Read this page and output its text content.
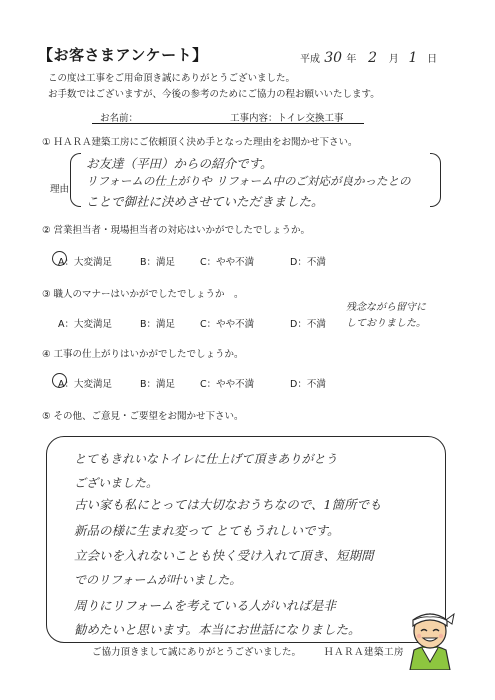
【お客さまアンケート】	平成 30 年 2 月 1 日
この度は工事をご用命頂き誠にありがとうございました。
お手数ではございますが、今後の参考のためにご協力の程お願いいたします。
お名前：	工事内容：トイレ交換工事
① ＨＡＲＡ建築工房にご依頼頂く決め手となった理由をお聞かせ下さい。
理由
お友達（平田）からの紹介です。
リフォームの仕上がりや リフォーム中のご対応が良かったとの
ことで御社に決めさせていただきました。
② 営業担当者・現場担当者の対応はいかがでしたでしょうか。
A：大変満足	B：満足	C：やや不満	D：不満
③ 職人のマナーはいかがでしたでしょうか　。
A：大変満足	B：満足	C：やや不満	D：不満
残念ながら留守に
しておりました。
④ 工事の仕上がりはいかがでしたでしょうか。
A：大変満足	B：満足	C：やや不満	D：不満
⑤ その他、ご意見・ご要望をお聞かせ下さい。
とてもきれいなトイレに仕上げて頂きありがとう
ございました。
古い家も私にとっては大切なおうちなので、1箇所でも
新品の様に生まれ変って とてもうれしいです。
立会いを入れないことも快く受け入れて頂き、短期間
でのリフォームが叶いました。
周りにリフォームを考えている人がいれば是非
勧めたいと思います。本当にお世話になりました。
ご協力頂きまして誠にありがとうございました。 ＨＡＲＡ建築工房
